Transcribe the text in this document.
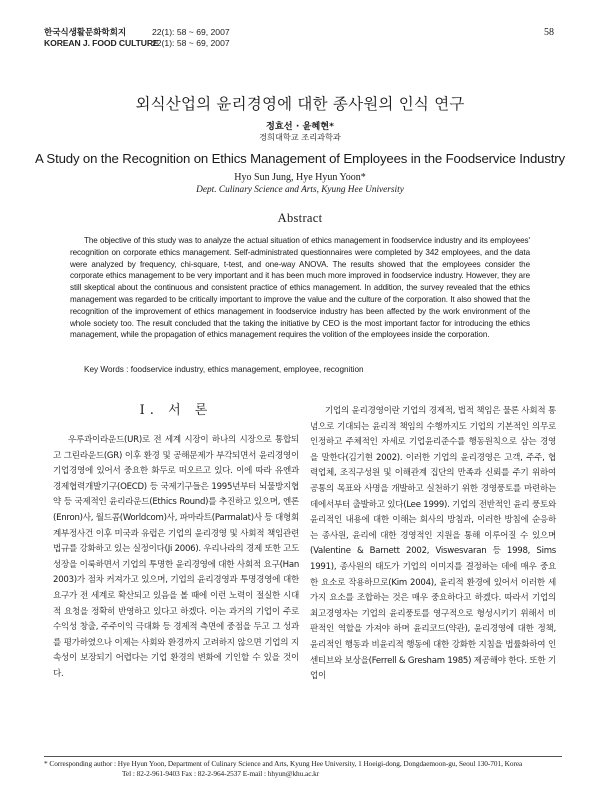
한국식생활문화학회지	22(1): 58 ~ 69, 2007
KOREAN J. FOOD CULTURE22(1): 58 ~ 69, 2007
58
외식산업의 윤리경영에 대한 종사원의 인식 연구
정효선 · 윤혜현*
경희대학교 조리과학과
A Study on the Recognition on Ethics Management of Employees in the Foodservice Industry
Hyo Sun Jung, Hye Hyun Yoon*
Dept. Culinary Science and Arts, Kyung Hee University
Abstract
The objective of this study was to analyze the actual situation of ethics management in foodservice industry and its employees' recognition on corporate ethics management. Self-administrated questionnaires were completed by 342 employees, and the data were analyzed by frequency, chi-square, t-test, and one-way ANOVA. The results showed that the employees consider the corporate ethics management to be very important and it has been much more improved in foodservice industry. However, they are still skeptical about the continuous and consistent practice of ethics management. In addition, the survey revealed that the ethics management was regarded to be critically important to improve the value and the culture of the corporation. It also showed that the recognition of the improvement of ethics management in foodservice industry has been affected by the work environment of the whole society too. The result concluded that the taking the initiative by CEO is the most important factor for introducing the ethics management, while the propagation of ethics management requires the volition of the employees inside the corporation.
Key Words : foodservice industry, ethics management, employee, recognition
Ⅰ. 서 론

우루과이라운드(UR)로 전 세계 시장이 하나의 시장으로 통합되고 그린라운드(GR) 이후 환경 및 공해문제가 부각되면서 윤리경영이 기업경영에 있어서 중요한 화두로 떠오르고 있다. 이에 따라 유엔과 경제협력개발기구(OECD) 등 국제기구들은 1995년부터 뇌물방지협약 등 국제적인 윤리라운드(Ethics Round)를 추진하고 있으며, 엔론(Enron)사, 월드콤(Worldcom)사, 파마라트(Parmalat)사 등 대형회계부정사건 이후 미국과 유럽은 기업의 윤리경영 및 사회적 책임관련 법규를 강화하고 있는 실정이다(Ji 2006). 우리나라의 경제 또한 고도성장을 이룩하면서 기업의 투명한 윤리경영에 대한 사회적 요구(Han 2003)가 점차 커져가고 있으며, 기업의 윤리경영과 투명경영에 대한 요구가 전 세계로 확산되고 있음을 볼 때에 이런 노력이 절실한 시대적 요청을 정확히 반영하고 있다고 하겠다. 이는 과거의 기업이 주로 수익성 창출, 주주이익 극대화 등 경제적 측면에 중점을 두고 그 성과를 평가하였으나 이제는 사회와 환경까지 고려하지 않으면 기업의 지속성이 보장되기 어렵다는 기업 환경의 변화에 기인할 수 있을 것이다.

기업의 윤리경영이란 기업의 경제적, 법적 책임은 물론 사회적 통념으로 기대되는 윤리적 책임의 수행까지도 기업의 기본적인 의무로 인정하고 주체적인 자세로 기업윤리준수를 행동원칙으로 삼는 경영을 말한다(김기현 2002). 이러한 기업의 윤리경영은 고객, 주주, 협력업체, 조직구성원 및 이해관계 집단의 만족과 신뢰를 주기 위하여 공통의 목표와 사명을 개발하고 실천하기 위한 경영풍토를 마련하는 데에서부터 출발하고 있다(Lee 1999). 기업의 전반적인 윤리 풍토와 윤리적인 내용에 대한 이해는 회사의 방침과, 이러한 방침에 순응하는 종사원, 윤리에 대한 경영적인 지원을 통해 이루어질 수 있으며(Valentine & Barnett 2002, Viswesvaran 등 1998, Sims 1991), 종사원의 태도가 기업의 이미지를 결정하는 데에 매우 중요한 요소로 작용하므로(Kim 2004), 윤리적 환경에 있어서 이러한 세 가지 요소를 조합하는 것은 매우 중요하다고 하겠다. 따라서 기업의 최고경영자는 기업의 윤리풍토를 영구적으로 형성시키기 위해서 비판적인 역할을 가져야 하며 윤리코드(약관), 윤리경영에 대한 정책, 윤리적인 행동과 비윤리적 행동에 대한 강화한 지침을 법률화하여 인센티브와 보상을(Ferrell & Gresham 1985) 제공해야 한다. 또한 기업이

* Corresponding author : Hye Hyun Yoon, Department of Culinary Science and Arts, Kyung Hee University, 1 Hoeigi-dong, Dongdaemoon-gu, Seoul 130-701, Korea
Tel : 82-2-961-9403 Fax : 82-2-964-2537 E-mail : hhyun@khu.ac.kr
